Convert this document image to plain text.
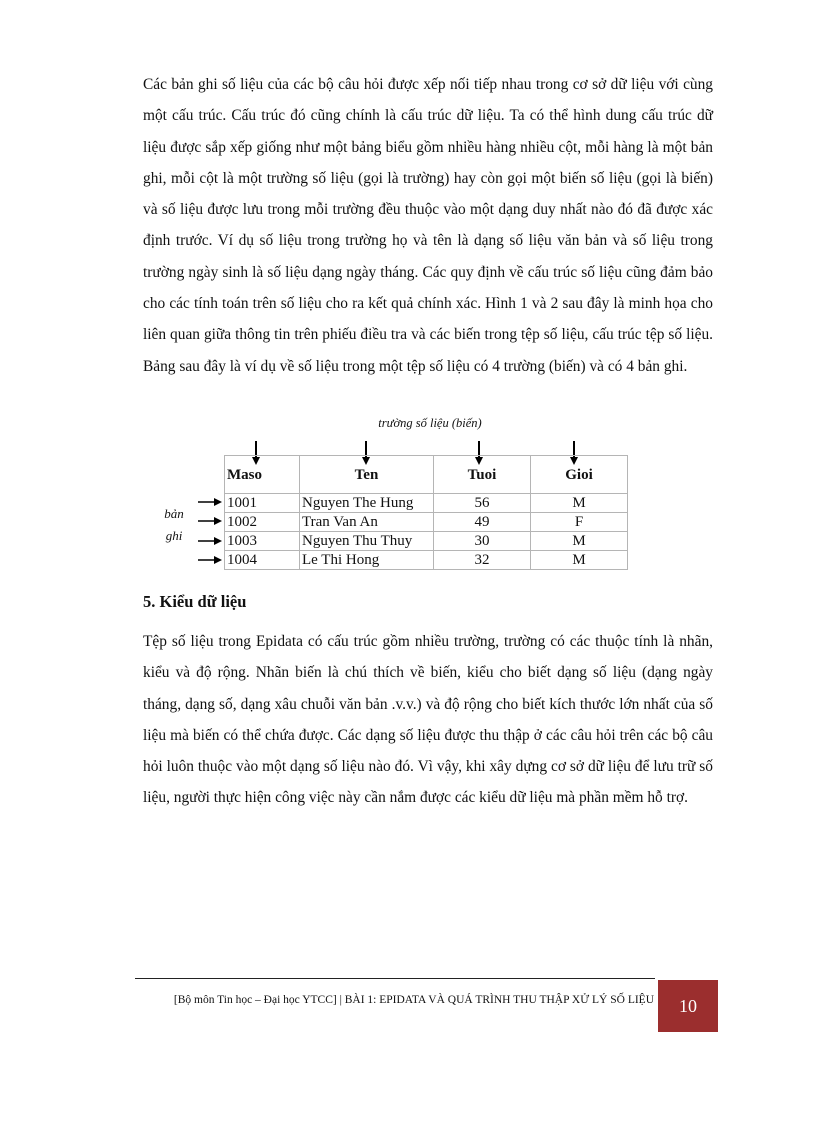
Các bản ghi số liệu của các bộ câu hỏi được xếp nối tiếp nhau trong cơ sở dữ liệu với cùng một cấu trúc. Cấu trúc đó cũng chính là cấu trúc dữ liệu. Ta có thể hình dung cấu trúc dữ liệu được sắp xếp giống như một bảng biểu gồm nhiều hàng nhiều cột, mỗi hàng là một bản ghi, mỗi cột là một trường số liệu (gọi là trường) hay còn gọi một biến số liệu (gọi là biến) và số liệu được lưu trong mỗi trường đều thuộc vào một dạng duy nhất nào đó đã được xác định trước. Ví dụ số liệu trong trường họ và tên là dạng số liệu văn bản và số liệu trong trường ngày sinh là số liệu dạng ngày tháng. Các quy định về cấu trúc số liệu cũng đảm bảo cho các tính toán trên số liệu cho ra kết quả chính xác. Hình 1 và 2 sau đây là minh họa cho liên quan giữa thông tin trên phiếu điều tra và các biến trong tệp số liệu, cấu trúc tệp số liệu. Bảng sau đây là ví dụ về số liệu trong một tệp số liệu có 4 trường (biến) và có 4 bản ghi.

trường số liệu (biến)
bản
ghi
Maso	Ten	Tuoi	Gioi
1001	Nguyen The Hung	56	M
1002	Tran Van An	49	F
1003	Nguyen Thu Thuy	30	M
1004	Le Thi Hong	32	M
5. Kiểu dữ liệu

Tệp số liệu trong Epidata có cấu trúc gồm nhiều trường, trường có các thuộc tính là nhãn, kiểu và độ rộng. Nhãn biến là chú thích về biến, kiểu cho biết dạng số liệu (dạng ngày tháng, dạng số, dạng xâu chuỗi văn bản .v.v.) và độ rộng cho biết kích thước lớn nhất của số liệu mà biến có thể chứa được. Các dạng số liệu được thu thập ở các câu hỏi trên các bộ câu hỏi luôn thuộc vào một dạng số liệu nào đó. Vì vậy, khi xây dựng cơ sở dữ liệu để lưu trữ số liệu, người thực hiện công việc này cần nắm được các kiểu dữ liệu mà phần mềm hỗ trợ.

[Bộ môn Tin học – Đại học YTCC] | BÀI 1: EPIDATA VÀ QUÁ TRÌNH THU THẬP XỬ LÝ SỐ LIỆU 10
